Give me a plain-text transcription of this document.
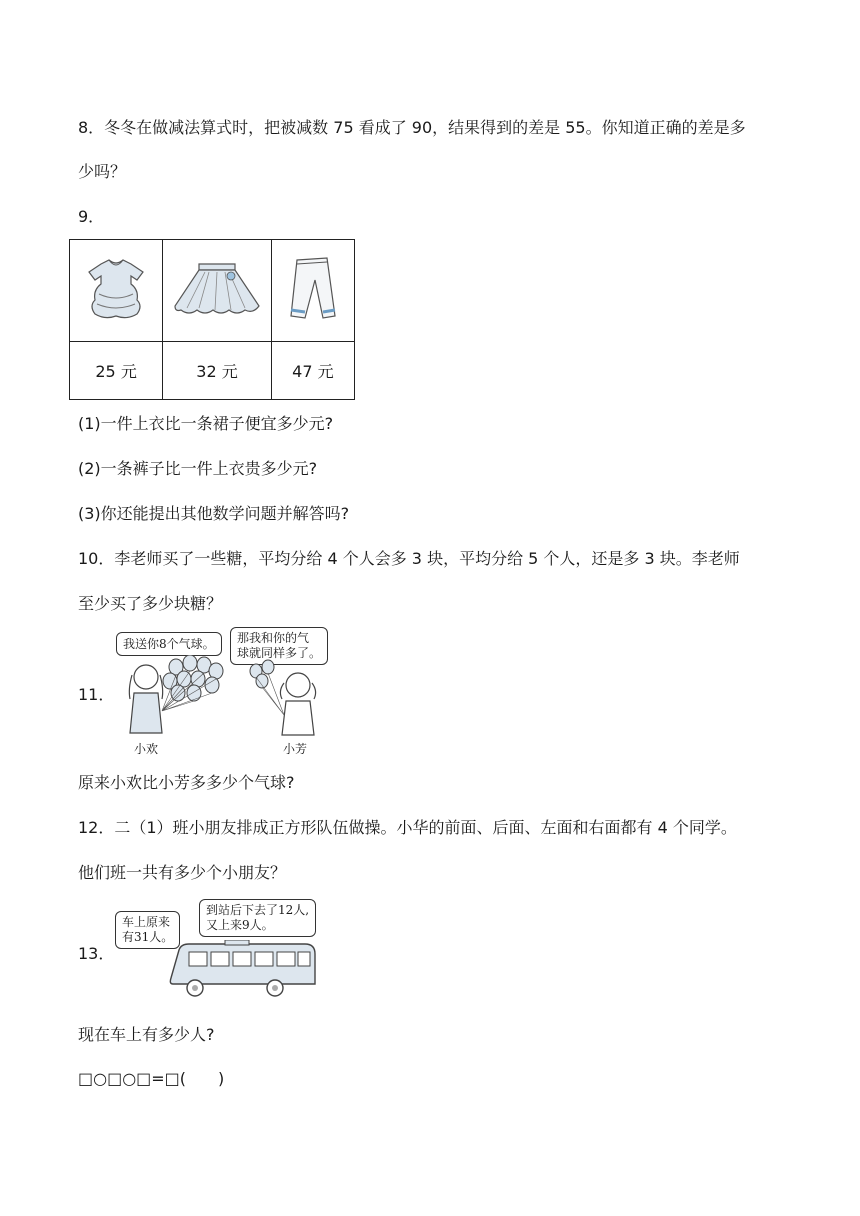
8．冬冬在做减法算式时，把被减数 75 看成了 90，结果得到的差是 55。你知道正确的差是多
少吗？
9．

25 元	32 元	47 元
(1)一件上衣比一条裙子便宜多少元?
(2)一条裤子比一件上衣贵多少元?
(3)你还能提出其他数学问题并解答吗?
10．李老师买了一些糖，平均分给 4 个人会多 3 块，平均分给 5 个人，还是多 3 块。李老师
至少买了多少块糖？
11．
我送你8个气球。	那我和你的气
球就同样多了。
小欢	小芳
原来小欢比小芳多多少个气球?
12．二（1）班小朋友排成正方形队伍做操。小华的前面、后面、左面和右面都有 4 个同学。
他们班一共有多少个小朋友？
13．
车上原来
有31人。
到站后下去了12人,
又上来9人。
现在车上有多少人?
□○□○□=□(　　)
